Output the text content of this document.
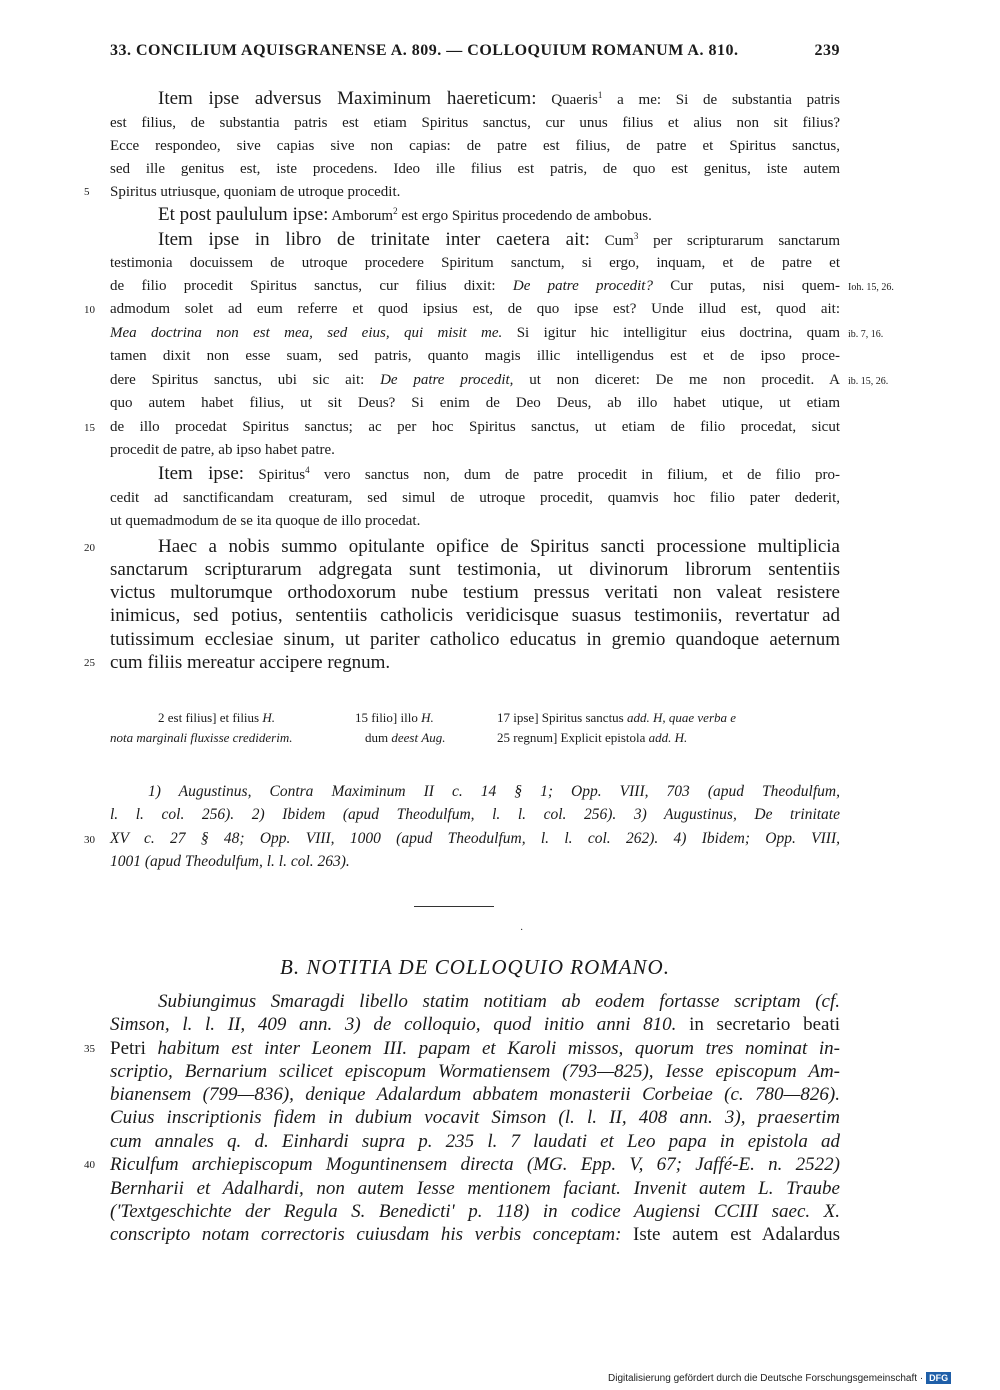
33. CONCILIUM AQUISGRANENSE A. 809. — COLLOQUIUM ROMANUM A. 810.	239
Item ipse adversus Maximinum haereticum: Quaeris$^1$ a me: Si de substantia patris
est filius, de substantia patris est etiam Spiritus sanctus, cur unus filius et alius non sit filius?
Ecce respondeo, sive capias sive non capias: de patre est filius, de patre et Spiritus sanctus,
sed ille genitus est, iste procedens. Ideo ille filius est patris, de quo est genitus, iste autem
Spiritus utriusque, quoniam de utroque procedit.
Et post paululum ipse: Amborum$^2$ est ergo Spiritus procedendo de ambobus.
Item ipse in libro de trinitate inter caetera ait: Cum$^3$ per scripturarum sanctarum
testimonia docuissem de utroque procedere Spiritum sanctum, si ergo, inquam, et de patre et
de filio procedit Spiritus sanctus, cur filius dixit: De patre procedit? Cur putas, nisi quem-
admodum solet ad eum referre et quod ipsius est, de quo ipse est? Unde illud est, quod ait:
Mea doctrina non est mea, sed eius, qui misit me. Si igitur hic intelligitur eius doctrina, quam
tamen dixit non esse suam, sed patris, quanto magis illic intelligendus est et de ipso proce-
dere Spiritus sanctus, ubi sic ait: De patre procedit, ut non diceret: De me non procedit. A
quo autem habet filius, ut sit Deus? Si enim de Deo Deus, ab illo habet utique, ut etiam
de illo procedat Spiritus sanctus; ac per hoc Spiritus sanctus, ut etiam de filio procedat, sicut
procedit de patre, ab ipso habet patre.
Item ipse: Spiritus$^4$ vero sanctus non, dum de patre procedit in filium, et de filio pro-
cedit ad sanctificandam creaturam, sed simul de utroque procedit, quamvis hoc filio pater dederit,
ut quemadmodum de se ita quoque de illo procedat.
Haec a nobis summo opitulante opifice de Spiritus sancti processione multiplicia
sanctarum scripturarum adgregata sunt testimonia, ut divinorum librorum sententiis
victus multorumque orthodoxorum nube testium pressus veritati non valeat resistere
inimicus, sed potius, sententiis catholicis veridicisque suasus testimoniis, revertatur ad
tutissimum ecclesiae sinum, ut pariter catholico educatus in gremio quandoque aeternum
cum filiis mereatur accipere regnum.
5
10
15
20
25
Ioh. 15, 26.
ib. 7, 16.
ib. 15, 26.
2 est filius] et filius H.
nota marginali fluxisse crediderim.
15 filio] illo H.
dum deest Aug.
17 ipse] Spiritus sanctus add. H, quae verba e
25 regnum] Explicit epistola add. H.
1) Augustinus, Contra Maximinum II c. 14 § 1; Opp. VIII, 703 (apud Theodulfum,
l. l. col. 256). 2) Ibidem (apud Theodulfum, l. l. col. 256). 3) Augustinus, De trinitate
XV c. 27 § 48; Opp. VIII, 1000 (apud Theodulfum, l. l. col. 262). 4) Ibidem; Opp. VIII,
1001 (apud Theodulfum, l. l. col. 263).
30
·
B. NOTITIA DE COLLOQUIO ROMANO.
Subiungimus Smaragdi libello statim notitiam ab eodem fortasse scriptam (cf.
Simson, l. l. II, 409 ann. 3) de colloquio, quod initio anni 810. in secretario beati
Petri habitum est inter Leonem III. papam et Karoli missos, quorum tres nominat in-
scriptio, Bernarium scilicet episcopum Wormatiensem (793—825), Iesse episcopum Am-
bianensem (799—836), denique Adalardum abbatem monasterii Corbeiae (c. 780—826).
Cuius inscriptionis fidem in dubium vocavit Simson (l. l. II, 408 ann. 3), praesertim
cum annales q. d. Einhardi supra p. 235 l. 7 laudati et Leo papa in epistola ad
Riculfum archiepiscopum Moguntinensem directa (MG. Epp. V, 67; Jaffé-E. n. 2522)
Bernharii et Adalhardi, non autem Iesse mentionem faciant. Invenit autem L. Traube
('Textgeschichte der Regula S. Benedicti' p. 118) in codice Augiensi CCIII saec. X.
conscripto notam correctoris cuiusdam his verbis conceptam: Iste autem est Adalardus
35
40
Digitalisierung gefördert durch die Deutsche Forschungsgemeinschaft · DFG
